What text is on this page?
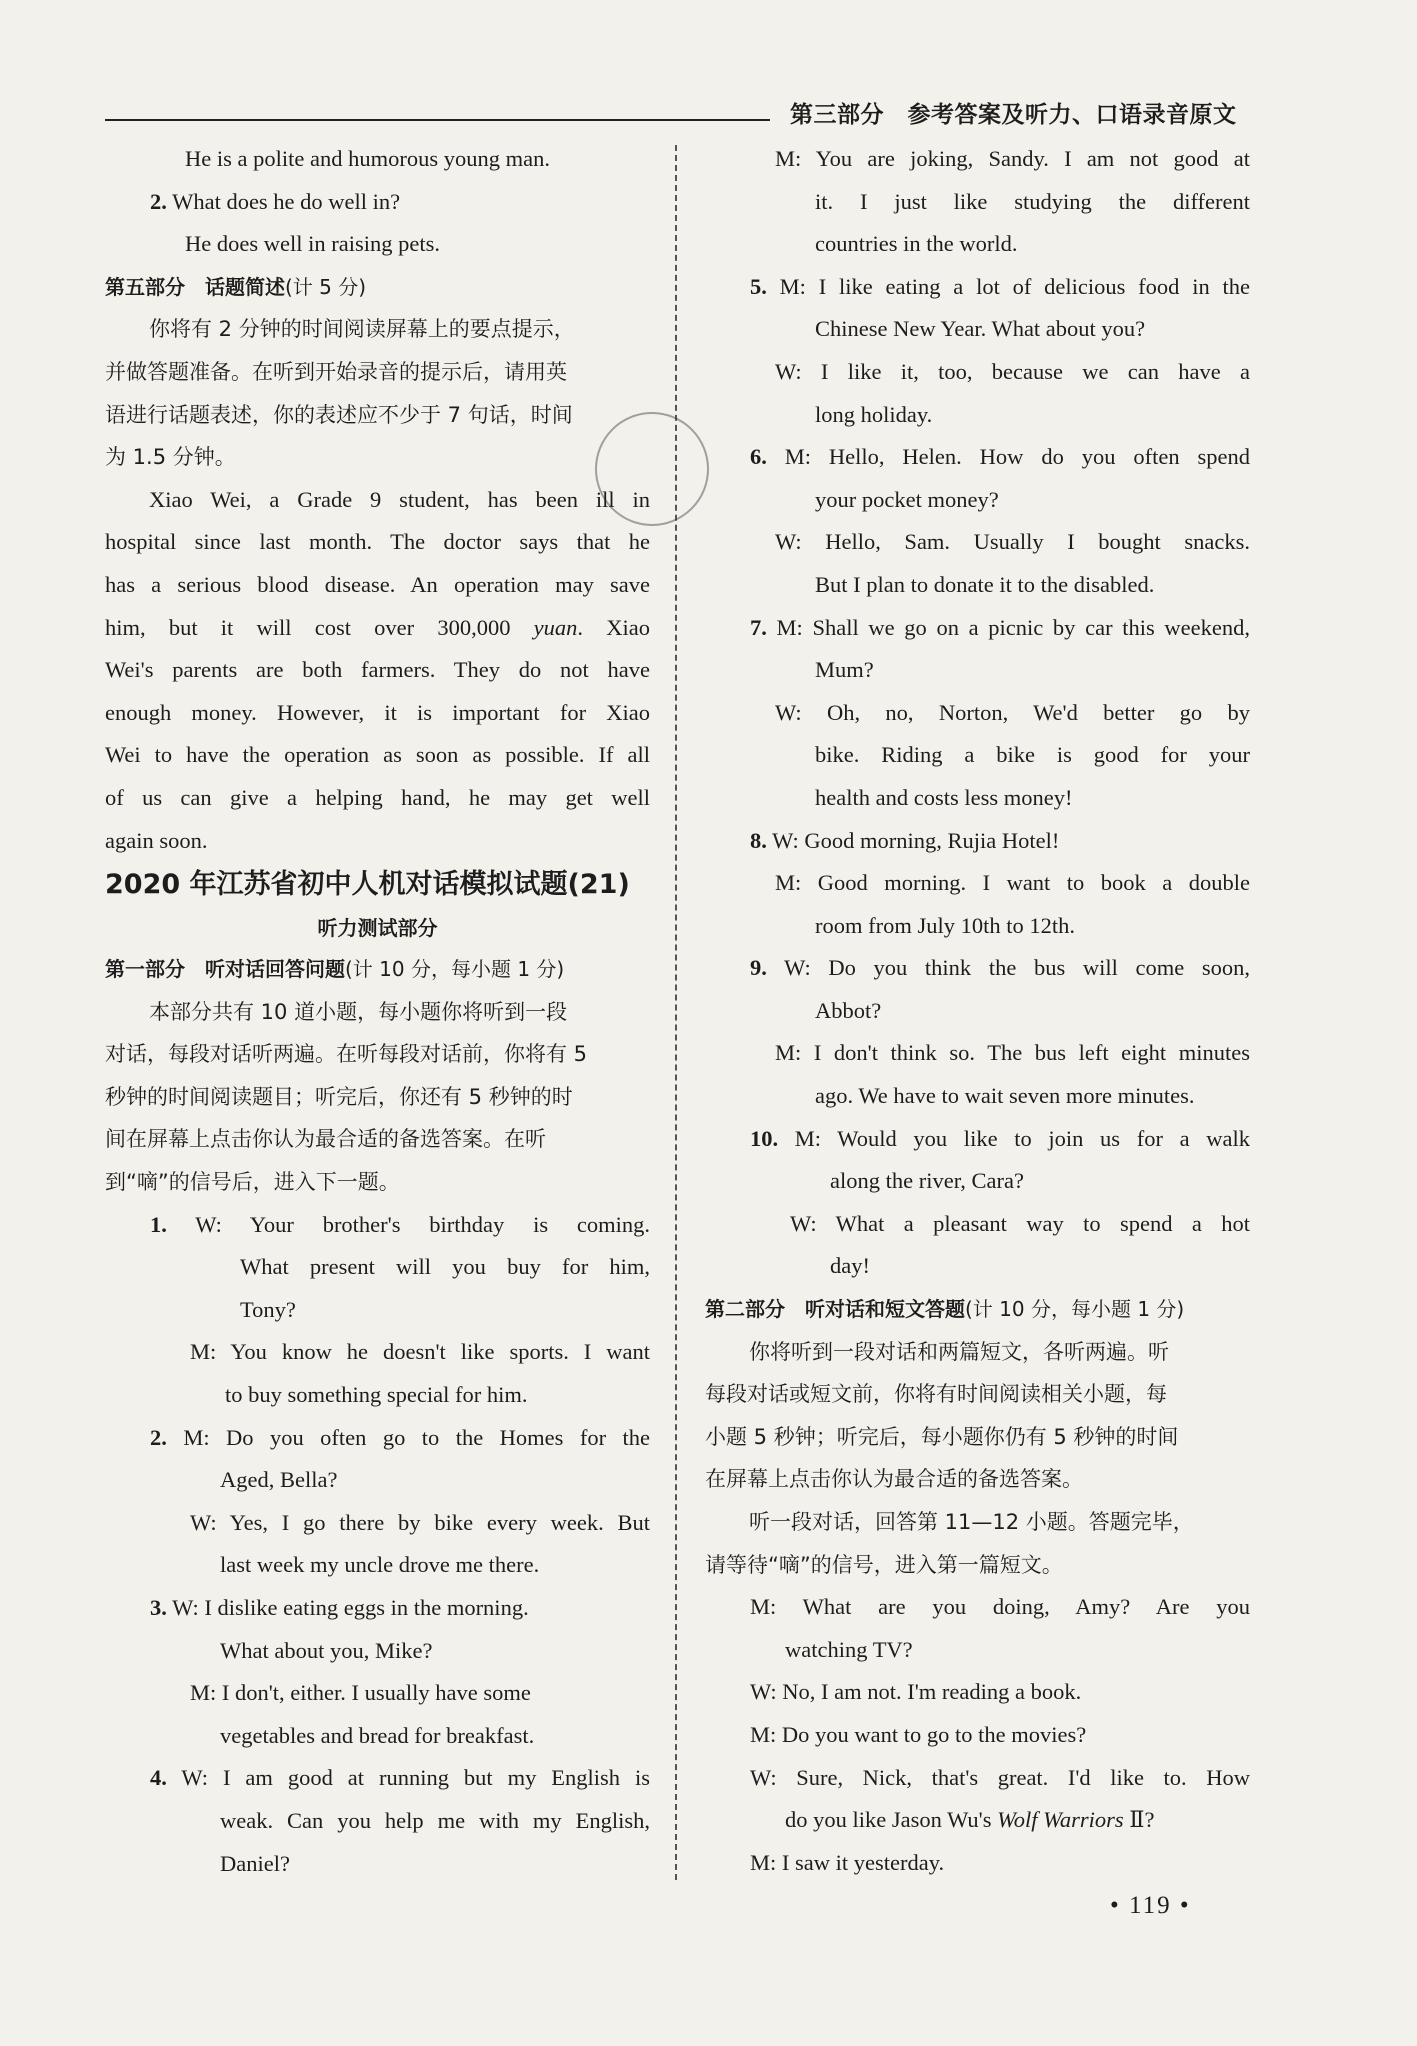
第三部分　参考答案及听力、口语录音原文
He is a polite and humorous young man.
2. What does he do well in?
He does well in raising pets.
第五部分　话题简述(计 5 分)
你将有 2 分钟的时间阅读屏幕上的要点提示，
并做答题准备。在听到开始录音的提示后，请用英
语进行话题表述，你的表述应不少于 7 句话，时间
为 1.5 分钟。
Xiao Wei, a Grade 9 student, has been ill in
hospital since last month. The doctor says that he
has a serious blood disease. An operation may save
him, but it will cost over 300,000 yuan. Xiao
Wei's parents are both farmers. They do not have
enough money. However, it is important for Xiao
Wei to have the operation as soon as possible. If all
of us can give a helping hand, he may get well
again soon.
2020 年江苏省初中人机对话模拟试题(21)
听力测试部分
第一部分　听对话回答问题(计 10 分，每小题 1 分)
本部分共有 10 道小题，每小题你将听到一段
对话，每段对话听两遍。在听每段对话前，你将有 5
秒钟的时间阅读题目；听完后，你还有 5 秒钟的时
间在屏幕上点击你认为最合适的备选答案。在听
到“嘀”的信号后，进入下一题。
1. W: Your brother's birthday is coming.
What present will you buy for him,
Tony?
M: You know he doesn't like sports. I want
to buy something special for him.
2. M: Do you often go to the Homes for the
Aged, Bella?
W: Yes, I go there by bike every week. But
last week my uncle drove me there.
3. W: I dislike eating eggs in the morning.
What about you, Mike?
M: I don't, either. I usually have some
vegetables and bread for breakfast.
4. W: I am good at running but my English is
weak. Can you help me with my English,
Daniel?
M: You are joking, Sandy. I am not good at
it. I just like studying the different
countries in the world.
5. M: I like eating a lot of delicious food in the
Chinese New Year. What about you?
W: I like it, too, because we can have a
long holiday.
6. M: Hello, Helen. How do you often spend
your pocket money?
W: Hello, Sam. Usually I bought snacks.
But I plan to donate it to the disabled.
7. M: Shall we go on a picnic by car this weekend,
Mum?
W: Oh, no, Norton, We'd better go by
bike. Riding a bike is good for your
health and costs less money!
8. W: Good morning, Rujia Hotel!
M: Good morning. I want to book a double
room from July 10th to 12th.
9. W: Do you think the bus will come soon,
Abbot?
M: I don't think so. The bus left eight minutes
ago. We have to wait seven more minutes.
10. M: Would you like to join us for a walk
along the river, Cara?
W: What a pleasant way to spend a hot
day!
第二部分　听对话和短文答题(计 10 分，每小题 1 分)
你将听到一段对话和两篇短文，各听两遍。听
每段对话或短文前，你将有时间阅读相关小题，每
小题 5 秒钟；听完后，每小题你仍有 5 秒钟的时间
在屏幕上点击你认为最合适的备选答案。
听一段对话，回答第 11—12 小题。答题完毕，
请等待“嘀”的信号，进入第一篇短文。
M: What are you doing, Amy? Are you
watching TV?
W: No, I am not. I'm reading a book.
M: Do you want to go to the movies?
W: Sure, Nick, that's great. I'd like to. How
do you like Jason Wu's Wolf Warriors Ⅱ?
M: I saw it yesterday.
• 119 •
